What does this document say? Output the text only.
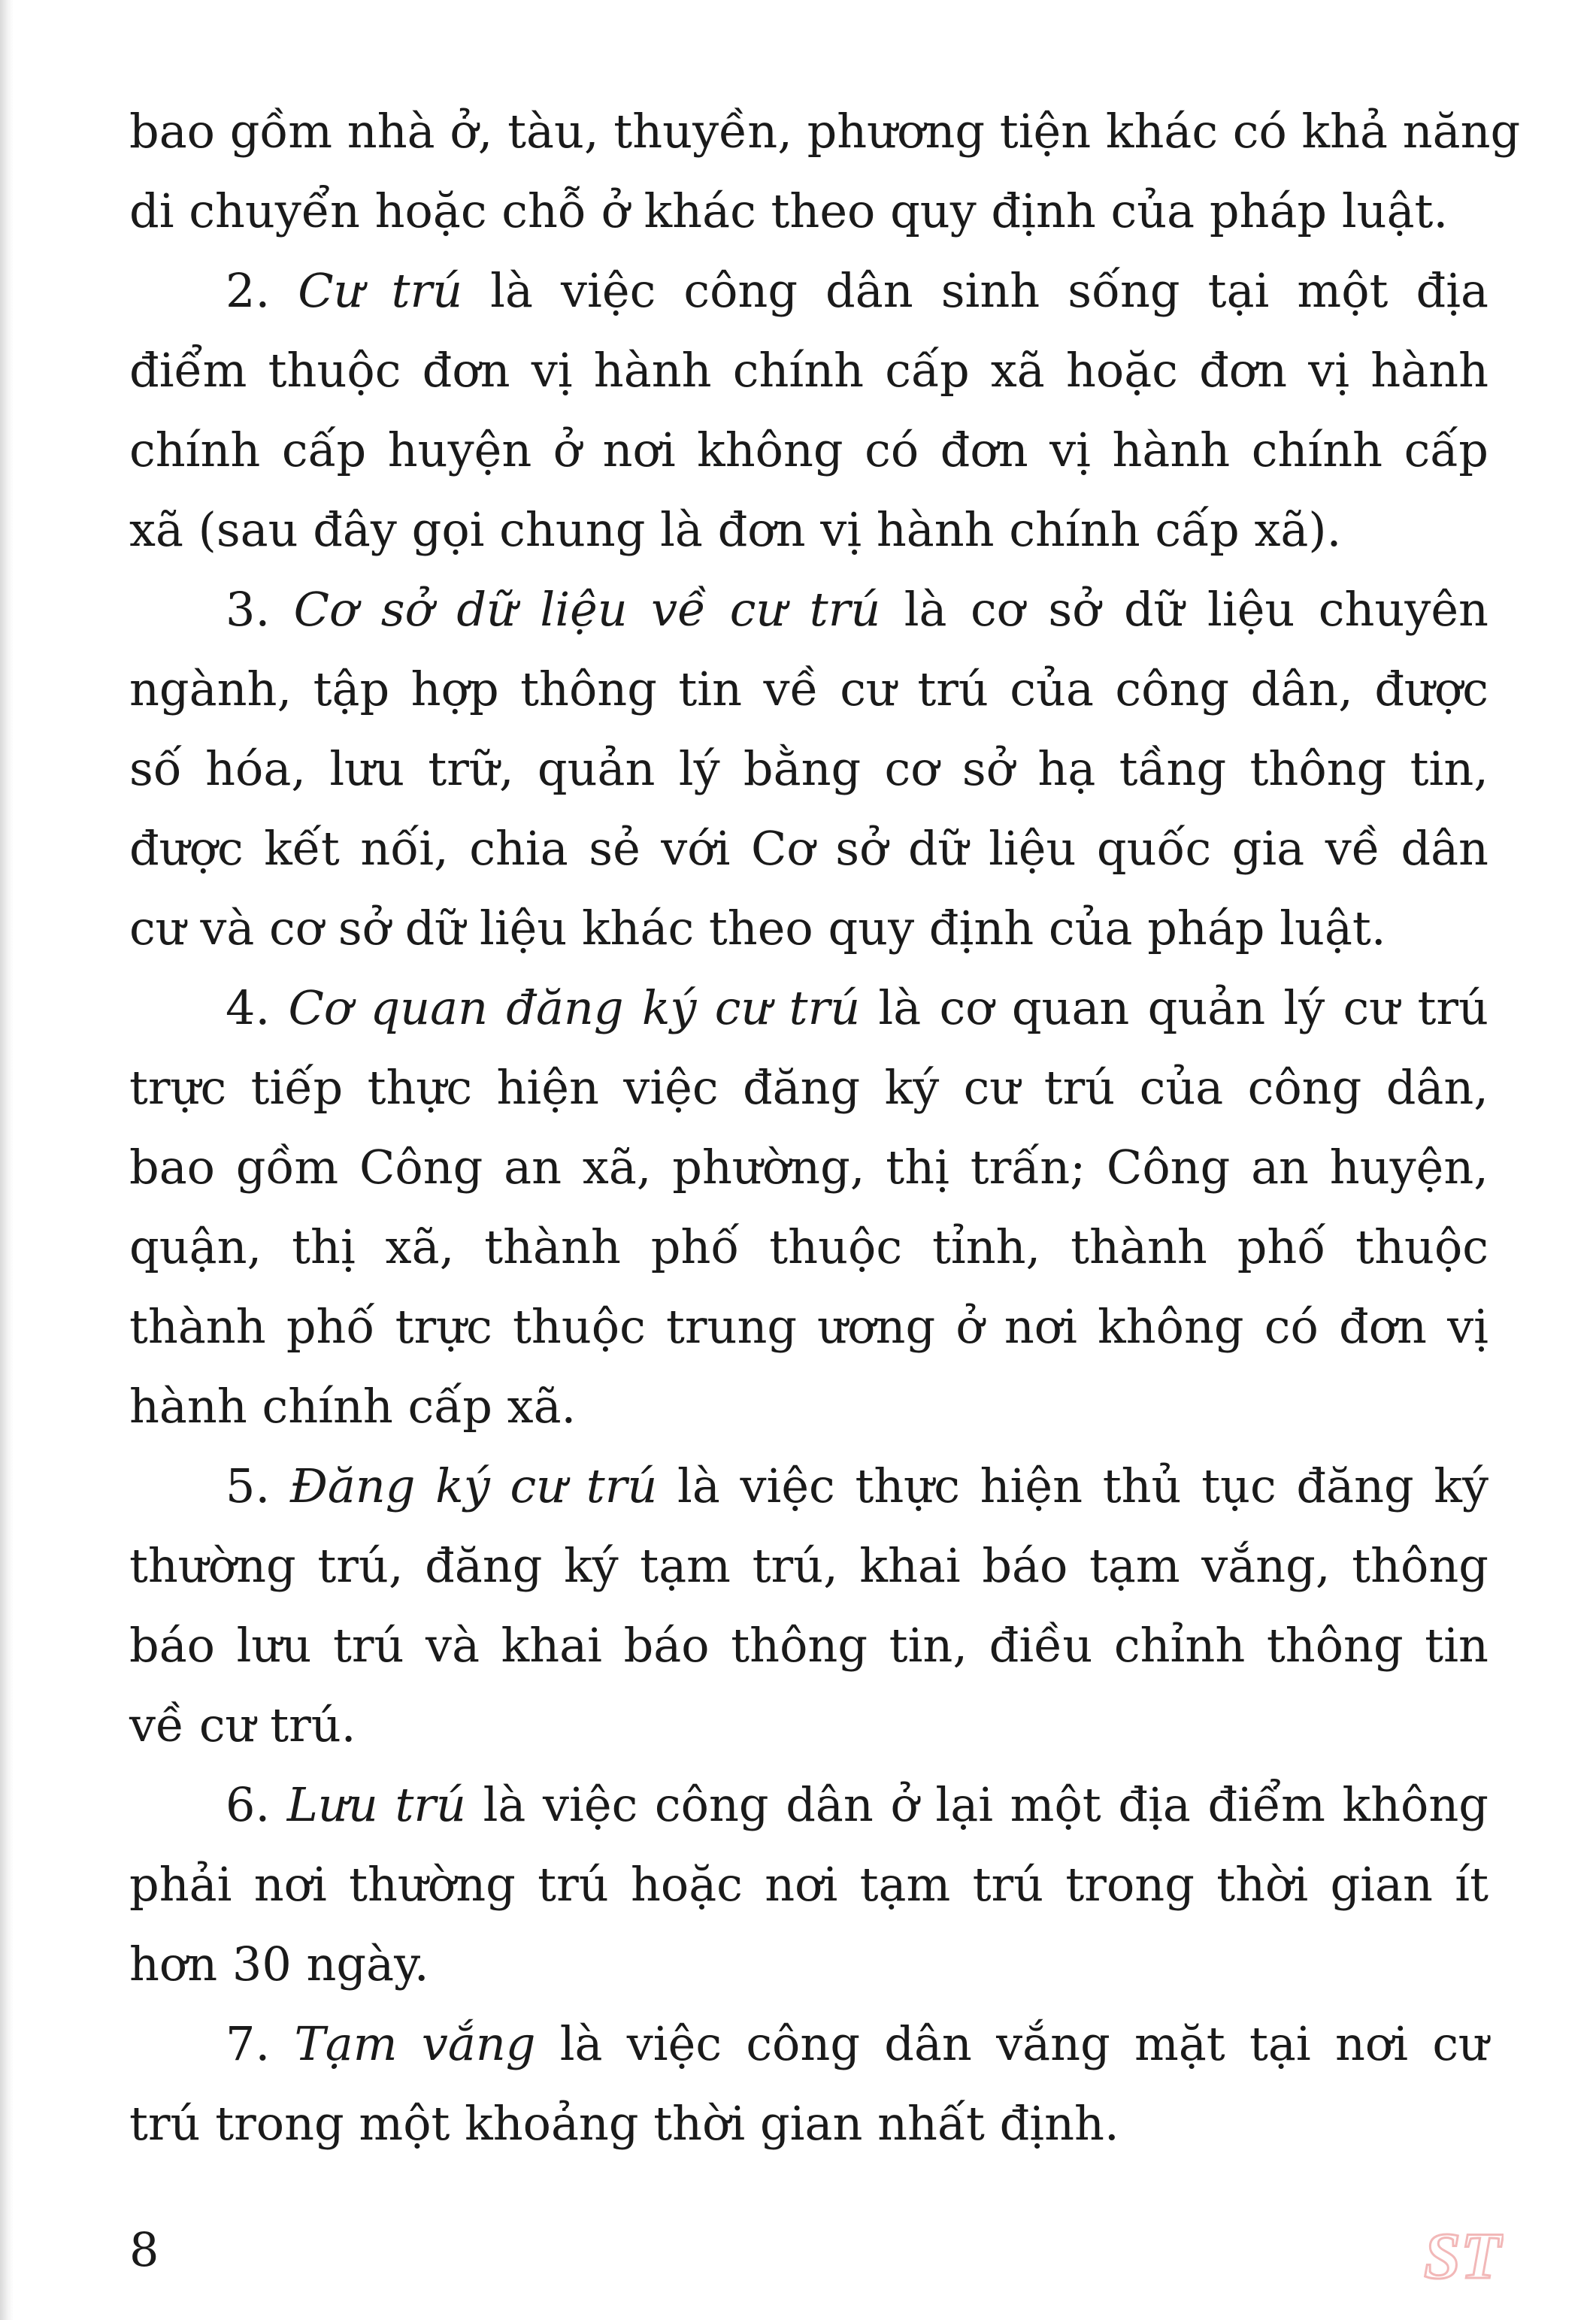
bao gồm nhà ở, tàu, thuyền, phương tiện khác có khả năng
di chuyển hoặc chỗ ở khác theo quy định của pháp luật.
2. Cư trú là việc công dân sinh sống tại một địa
điểm thuộc đơn vị hành chính cấp xã hoặc đơn vị hành
chính cấp huyện ở nơi không có đơn vị hành chính cấp
xã (sau đây gọi chung là đơn vị hành chính cấp xã).
3. Cơ sở dữ liệu về cư trú là cơ sở dữ liệu chuyên
ngành, tập hợp thông tin về cư trú của công dân, được
số hóa, lưu trữ, quản lý bằng cơ sở hạ tầng thông tin,
được kết nối, chia sẻ với Cơ sở dữ liệu quốc gia về dân
cư và cơ sở dữ liệu khác theo quy định của pháp luật.
4. Cơ quan đăng ký cư trú là cơ quan quản lý cư trú
trực tiếp thực hiện việc đăng ký cư trú của công dân,
bao gồm Công an xã, phường, thị trấn; Công an huyện,
quận, thị xã, thành phố thuộc tỉnh, thành phố thuộc
thành phố trực thuộc trung ương ở nơi không có đơn vị
hành chính cấp xã.
5. Đăng ký cư trú là việc thực hiện thủ tục đăng ký
thường trú, đăng ký tạm trú, khai báo tạm vắng, thông
báo lưu trú và khai báo thông tin, điều chỉnh thông tin
về cư trú.
6. Lưu trú là việc công dân ở lại một địa điểm không
phải nơi thường trú hoặc nơi tạm trú trong thời gian ít
hơn 30 ngày.
7. Tạm vắng là việc công dân vắng mặt tại nơi cư
trú trong một khoảng thời gian nhất định.
8	ST
